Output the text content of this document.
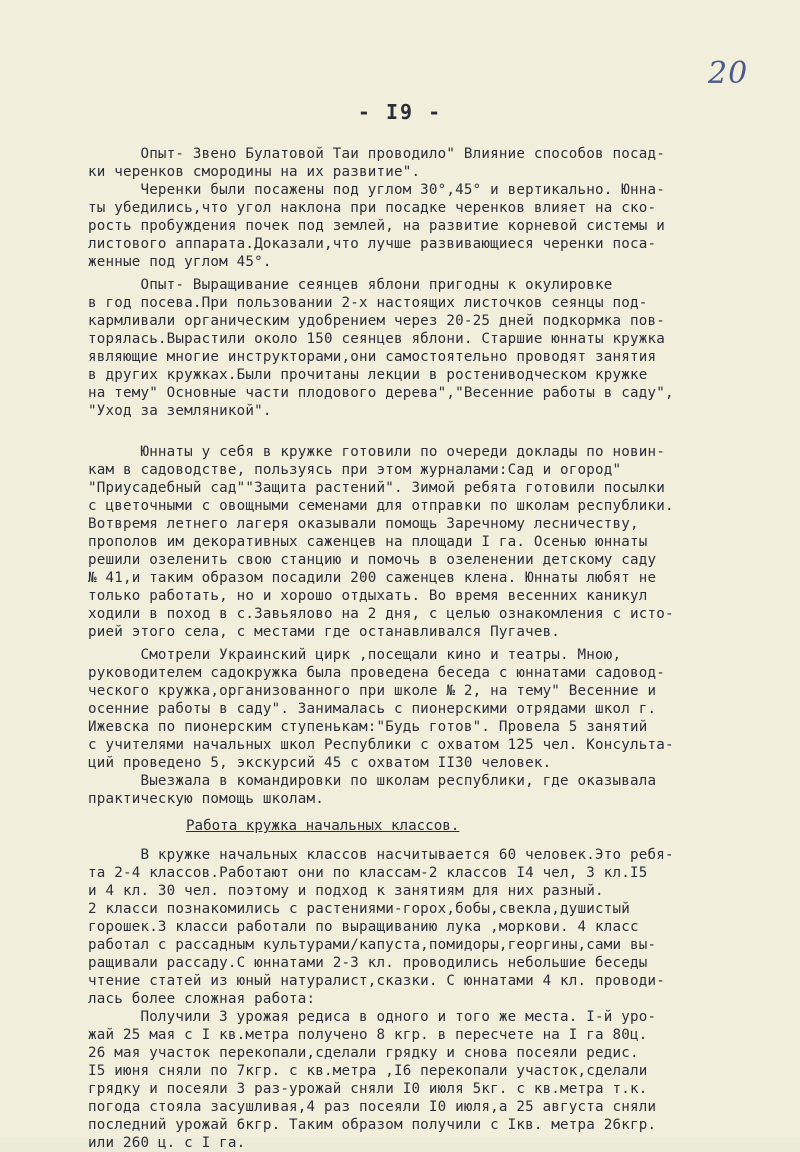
20
- I9 -
Опыт- Звено Булатовой Таи проводило" Влияние способов посад-
ки черенков смородины на их развитие".
Черенки были посажены под углом 30°,45° и вертикально. Юнна-
ты убедились,что угол наклона при посадке черенков влияет на ско-
рость пробуждения почек под землей, на развитие корневой системы и
листового аппарата.Доказали,что лучше развивающиеся черенки поса-
женные под углом 45°.
Опыт- Выращивание сеянцев яблони пригодны к окулировке
в год посева.При пользовании 2-х настоящих листочков сеянцы под-
кармливали органическим удобрением через 20-25 дней подкормка пов-
торялась.Вырастили около 150 сеянцев яблони. Старшие юннаты кружка
являющие многие инструкторами,они самостоятельно проводят занятия
в других кружках.Были прочитаны лекции в ростениводческом кружке
на тему" Основные части плодового дерева","Весенние работы в саду",
"Уход за земляникой".
Юннаты у себя в кружке готовили по очереди доклады по новин-
кам в садоводстве, пользуясь при этом журналами:Сад и огород"
"Приусадебный сад""Защита растений". Зимой ребята готовили посылки
с цветочными с овощными семенами для отправки по школам республики.
Вотвремя летнего лагеря оказывали помощь Заречному лесничеству,
прополов им декоративных саженцев на площади I га. Осенью юннаты
решили озеленить свою станцию и помочь в озеленении детскому саду
№ 41,и таким образом посадили 200 саженцев клена. Юннаты любят не
только работать, но и хорошо отдыхать. Во время весенних каникул
ходили в поход в с.Завьялово на 2 дня, с целью ознакомления с исто-
рией этого села, с местами где останавливался Пугачев.
Смотрели Украинский цирк ,посещали кино и театры. Мною,
руководителем садокружка была проведена беседа с юннатами садовод-
ческого кружка,организованного при школе № 2, на тему" Весенние и
осенние работы в саду". Занималась с пионерскими отрядами школ г.
Ижевска по пионерским ступенькам:"Будь готов". Провела 5 занятий
с учителями начальных школ Республики с охватом 125 чел. Консульта-
ций проведено 5, экскурсий 45 с охватом II30 человек.
Выезжала в командировки по школам республики, где оказывала
практическую помощь школам.
Работа кружка начальных классов.
В кружке начальных классов насчитывается 60 человек.Это ребя-
та 2-4 классов.Работают они по классам-2 классов I4 чел, 3 кл.I5
и 4 кл. 30 чел. поэтому и подход к занятиям для них разный.
2 класси познакомились с растениями-горох,бобы,свекла,душистый
горошек.3 класси работали по выращиванию лука ,моркови. 4 класс
работал с рассадным культурами/капуста,помидоры,георгины,сами вы-
ращивали рассаду.С юннатами 2-3 кл. проводились небольшие беседы
чтение статей из юный натуралист,сказки. С юннатами 4 кл. проводи-
лась более сложная работа:
Получили 3 урожая редиса в одного и того же места. I-й уро-
жай 25 мая с I кв.метра получено 8 кгр. в пересчете на I га 80ц.
26 мая участок перекопали,сделали грядку и снова посеяли редис.
I5 июня сняли по 7кгр. с кв.метра ,I6 перекопали участок,сделали
грядку и посеяли 3 раз-урожай сняли I0 июля 5кг. с кв.метра т.к.
погода стояла засушливая,4 раз посеяли I0 июля,а 25 августа сняли
последний урожай 6кгр. Таким образом получили с Iкв. метра 26кгр.
или 260 ц. с I га.
